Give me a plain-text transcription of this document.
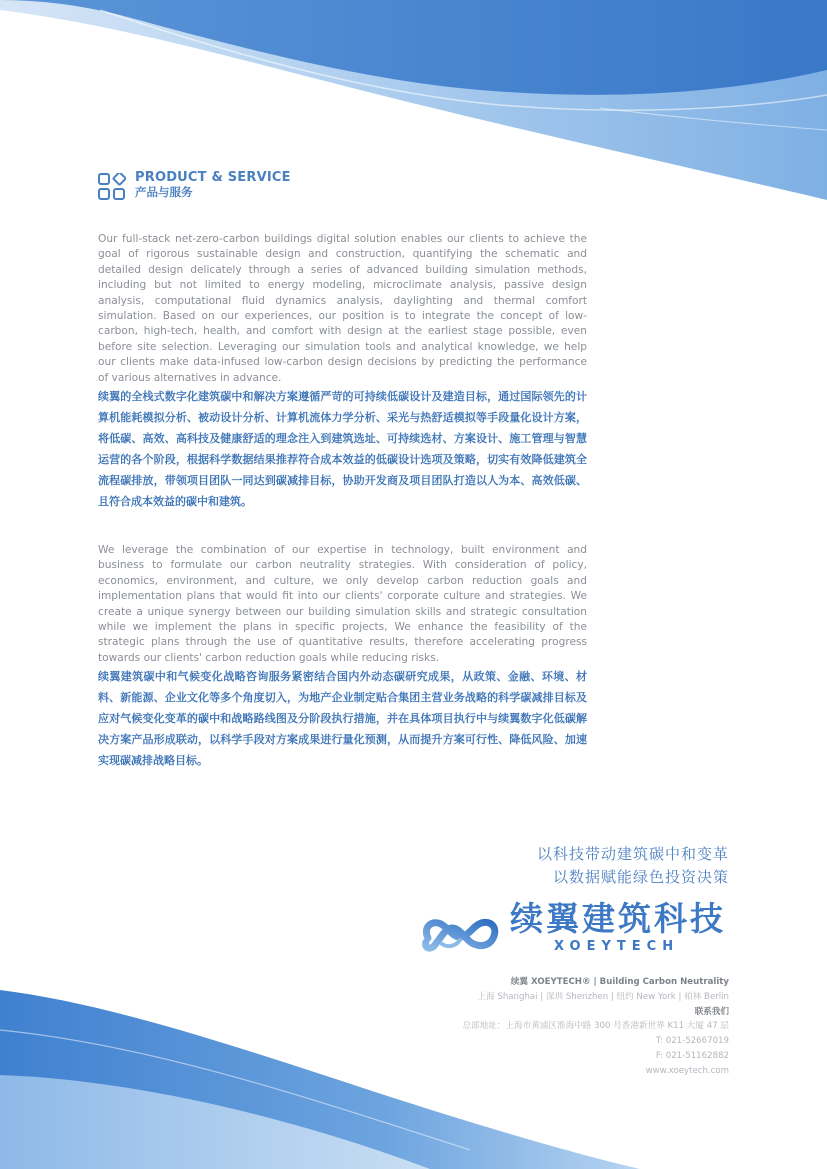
PRODUCT & SERVICE
产品与服务

Our full-stack net-zero-carbon buildings digital solution enables our clients to achieve the goal of rigorous sustainable design and construction, quantifying the schematic and detailed design delicately through a series of advanced building simulation methods, including but not limited to energy modeling, microclimate analysis, passive design analysis, computational fluid dynamics analysis, daylighting and thermal comfort simulation. Based on our experiences, our position is to integrate the concept of low-carbon, high-tech, health, and comfort with design at the earliest stage possible, even before site selection. Leveraging our simulation tools and analytical knowledge, we help our clients make data-infused low-carbon design decisions by predicting the performance of various alternatives in advance.

续翼的全栈式数字化建筑碳中和解决方案遵循严苛的可持续低碳设计及建造目标，通过国际领先的计算机能耗模拟分析、被动设计分析、计算机流体力学分析、采光与热舒适模拟等手段量化设计方案，将低碳、高效、高科技及健康舒适的理念注入到建筑选址、可持续选材、方案设计、施工管理与智慧运营的各个阶段，根据科学数据结果推荐符合成本效益的低碳设计选项及策略，切实有效降低建筑全流程碳排放，带领项目团队一同达到碳减排目标，协助开发商及项目团队打造以人为本、高效低碳、且符合成本效益的碳中和建筑。

We leverage the combination of our expertise in technology, built environment and business to formulate our carbon neutrality strategies. With consideration of policy, economics, environment, and culture, we only develop carbon reduction goals and implementation plans that would fit into our clients' corporate culture and strategies. We create a unique synergy between our building simulation skills and strategic consultation while we implement the plans in specific projects, We enhance the feasibility of the strategic plans through the use of quantitative results, therefore accelerating progress towards our clients' carbon reduction goals while reducing risks.

续翼建筑碳中和气候变化战略咨询服务紧密结合国内外动态碳研究成果，从政策、金融、环境、材料、新能源、企业文化等多个角度切入，为地产企业制定贴合集团主营业务战略的科学碳减排目标及应对气候变化变革的碳中和战略路线图及分阶段执行措施，并在具体项目执行中与续翼数字化低碳解决方案产品形成联动，以科学手段对方案成果进行量化预测，从而提升方案可行性、降低风险、加速实现碳减排战略目标。

以科技带动建筑碳中和变革
以数据赋能绿色投资决策
续翼建筑科技
XOEYTECH
续翼 XOEYTECH® | Building Carbon Neutrality
上海 Shanghai | 深圳 Shenzhen | 纽约 New York | 柏林 Berlin
联系我们
总部地址：上海市黄浦区淮海中路 300 号香港新世界 K11 大厦 47 层
T: 021-52667019
F: 021-51162882
www.xoeytech.com
